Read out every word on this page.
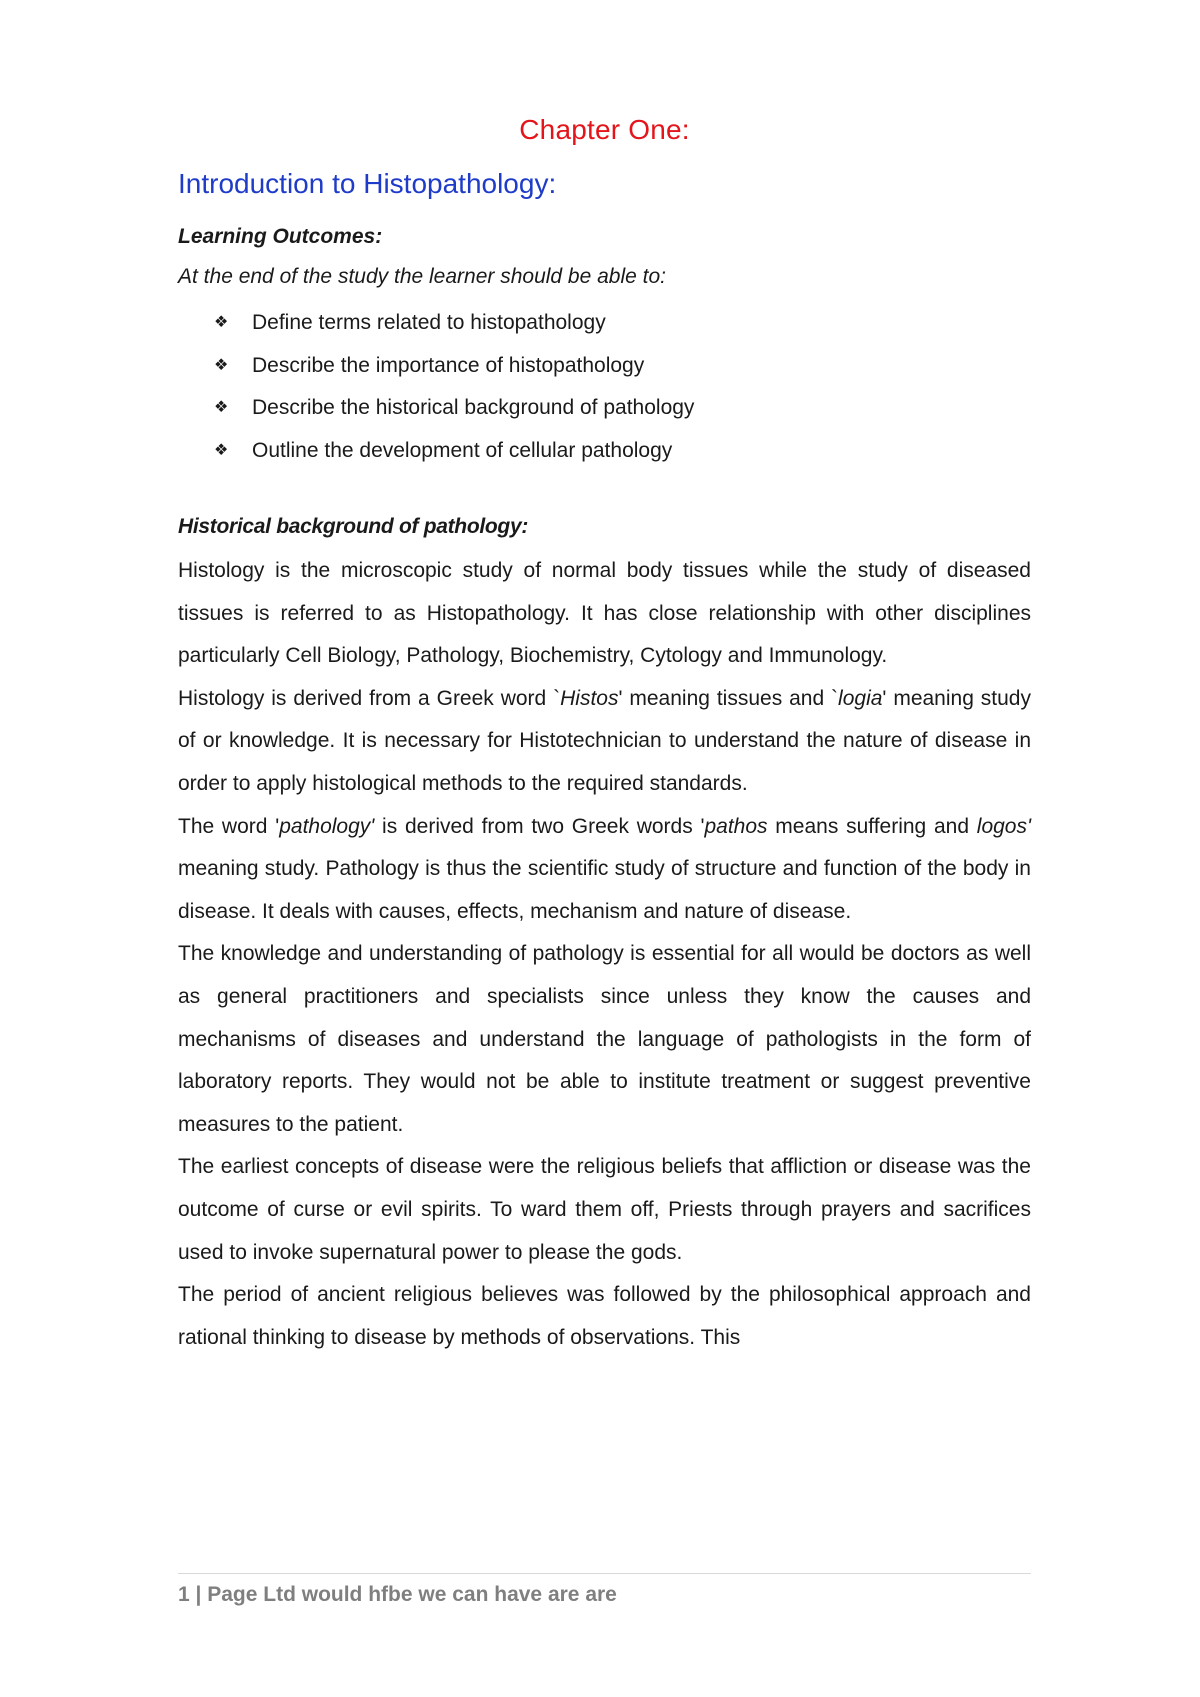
Chapter One:
Introduction to Histopathology:
Learning Outcomes:
At the end of the study the learner should be able to:
❖	Define terms related to histopathology
❖	Describe the importance of histopathology
❖	Describe the historical background of pathology
❖	Outline the development of cellular pathology
Historical background of pathology:

Histology is the microscopic study of normal body tissues while the study of diseased tissues is referred to as Histopathology. It has close relationship with other disciplines particularly Cell Biology, Pathology, Biochemistry, Cytology and Immunology.

Histology is derived from a Greek word `Histos' meaning tissues and `logia' meaning study of or knowledge. It is necessary for Histotechnician to understand the nature of disease in order to apply histological methods to the required standards.

The word 'pathology' is derived from two Greek words 'pathos means suffering and logos' meaning study. Pathology is thus the scientific study of structure and function of the body in disease. It deals with causes, effects, mechanism and nature of disease.

The knowledge and understanding of pathology is essential for all would be doctors as well as general practitioners and specialists since unless they know the causes and mechanisms of diseases and understand the language of pathologists in the form of laboratory reports. They would not be able to institute treatment or suggest preventive measures to the patient.

The earliest concepts of disease were the religious beliefs that affliction or disease was the outcome of curse or evil spirits. To ward them off, Priests through prayers and sacrifices used to invoke supernatural power to please the gods.

The period of ancient religious believes was followed by the philosophical approach and rational thinking to disease by methods of observations. This

1 | Page Ltd would hfbe we can have are are
